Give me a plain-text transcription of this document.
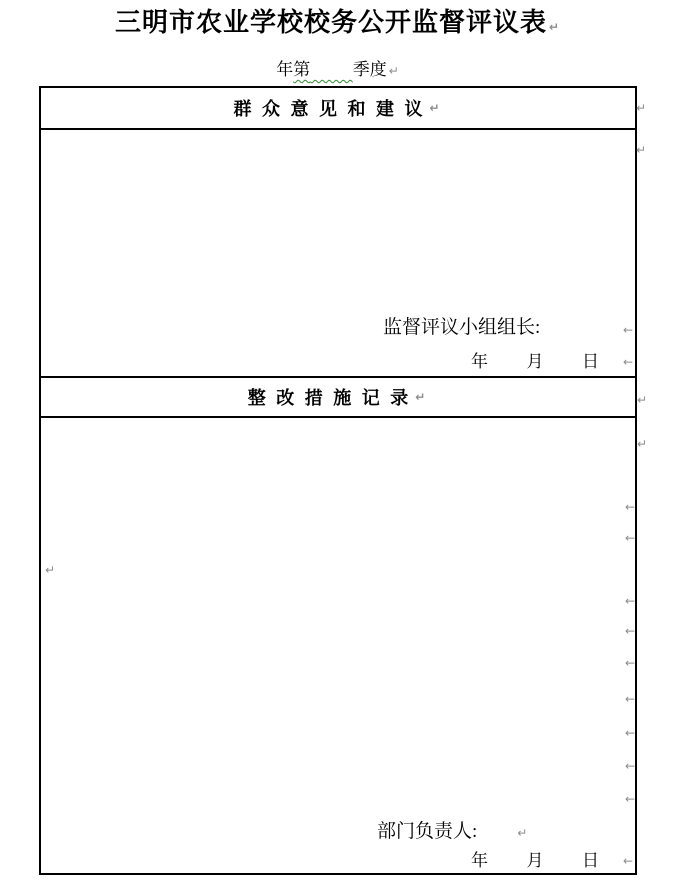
三明市农业学校校务公开监督评议表 ↵
年第	季度 ↵
群 众 意 见 和 建 议 ↵
监督评议小组组长:
年 月 日
整 改 措 施 记 录 ↵
部门负责人:	↵
年 月 日
↵
↵
←
←
↵
↵
↵
←
←
←
←
←
←
←
←
←
←
